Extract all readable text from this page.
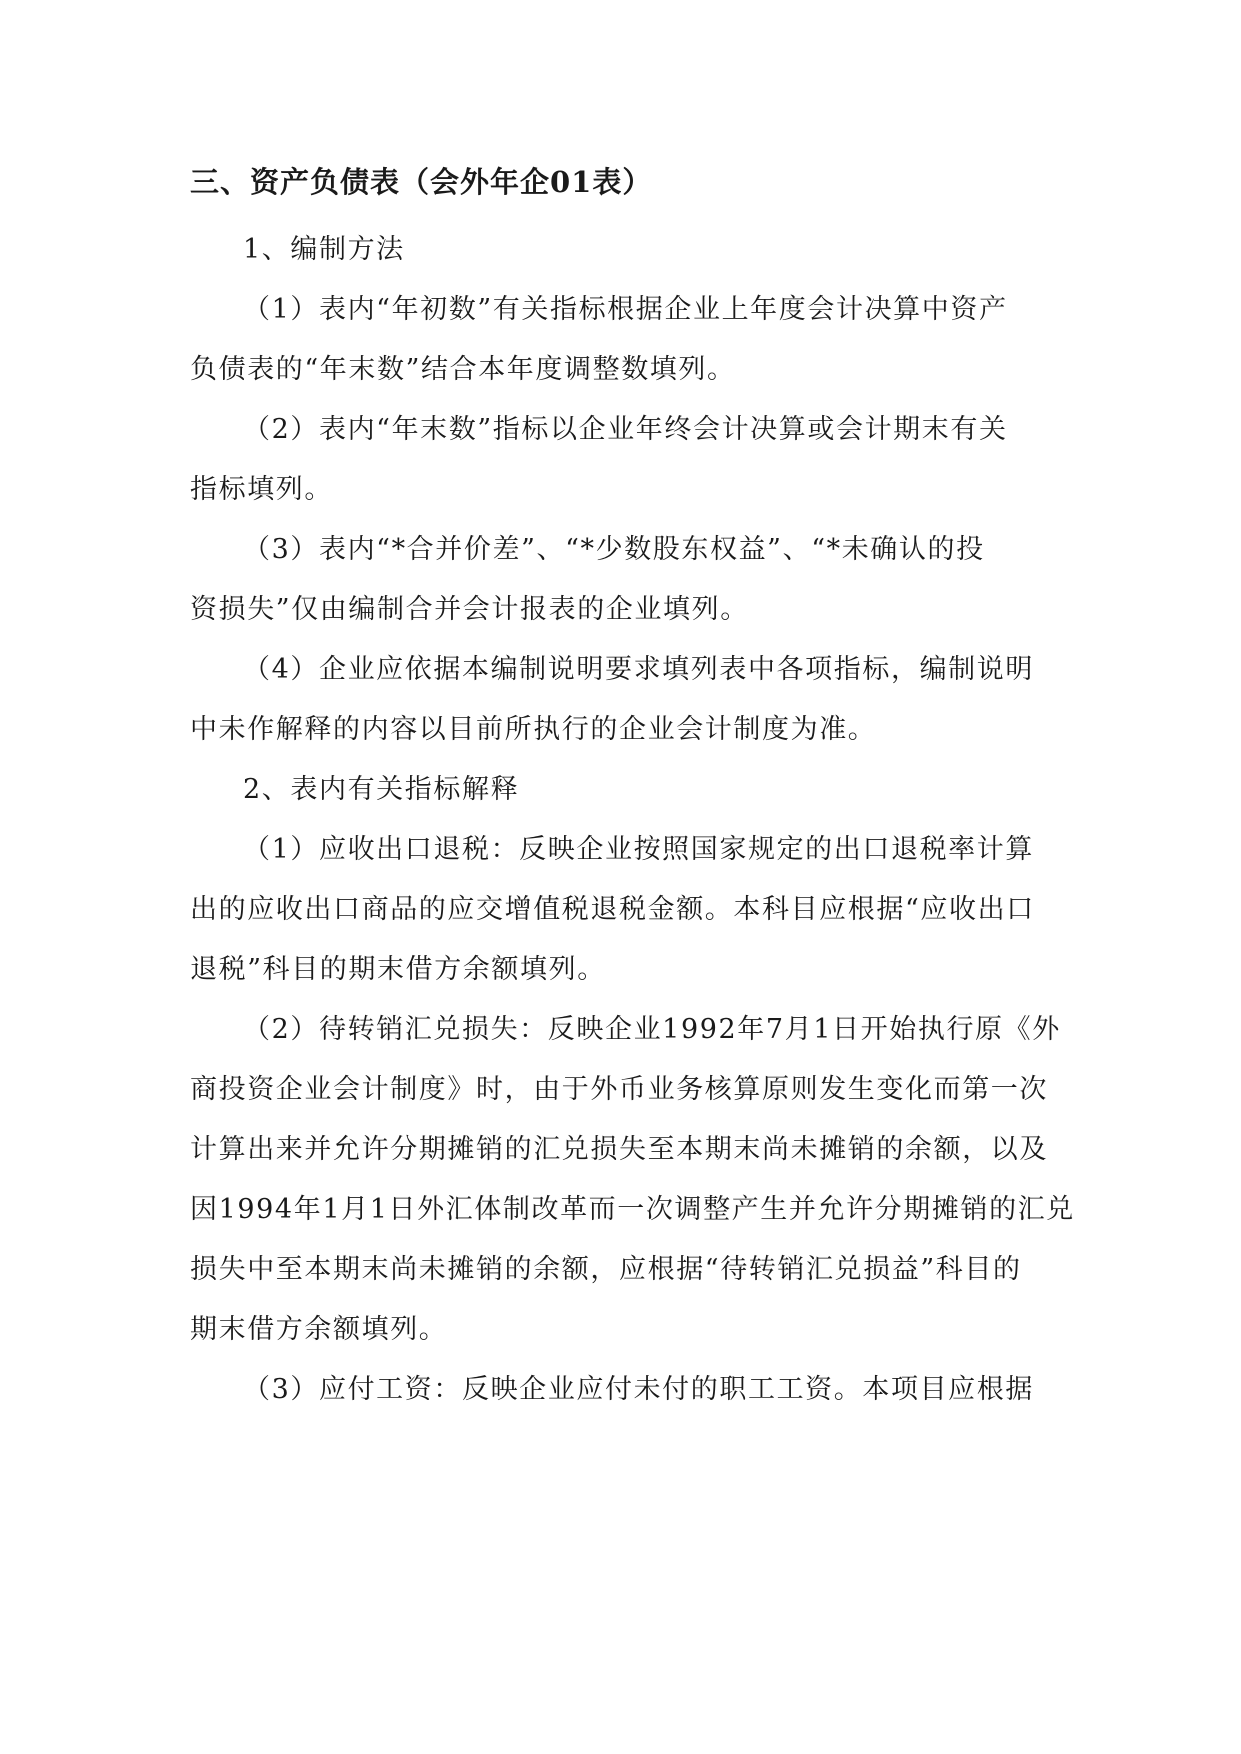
三、资产负债表（会外年企01表）
1、编制方法
（1）表内“年初数”有关指标根据企业上年度会计决算中资产
负债表的“年末数”结合本年度调整数填列。
（2）表内“年末数”指标以企业年终会计决算或会计期末有关
指标填列。
（3）表内“*合并价差”、“*少数股东权益”、“*未确认的投
资损失”仅由编制合并会计报表的企业填列。
（4）企业应依据本编制说明要求填列表中各项指标，编制说明
中未作解释的内容以目前所执行的企业会计制度为准。
2、表内有关指标解释
（1）应收出口退税：反映企业按照国家规定的出口退税率计算
出的应收出口商品的应交增值税退税金额。本科目应根据“应收出口
退税”科目的期末借方余额填列。
（2）待转销汇兑损失：反映企业1992年7月1日开始执行原《外
商投资企业会计制度》时，由于外币业务核算原则发生变化而第一次
计算出来并允许分期摊销的汇兑损失至本期末尚未摊销的余额，以及
因1994年1月1日外汇体制改革而一次调整产生并允许分期摊销的汇兑
损失中至本期末尚未摊销的余额，应根据“待转销汇兑损益”科目的
期末借方余额填列。
（3）应付工资：反映企业应付未付的职工工资。本项目应根据
